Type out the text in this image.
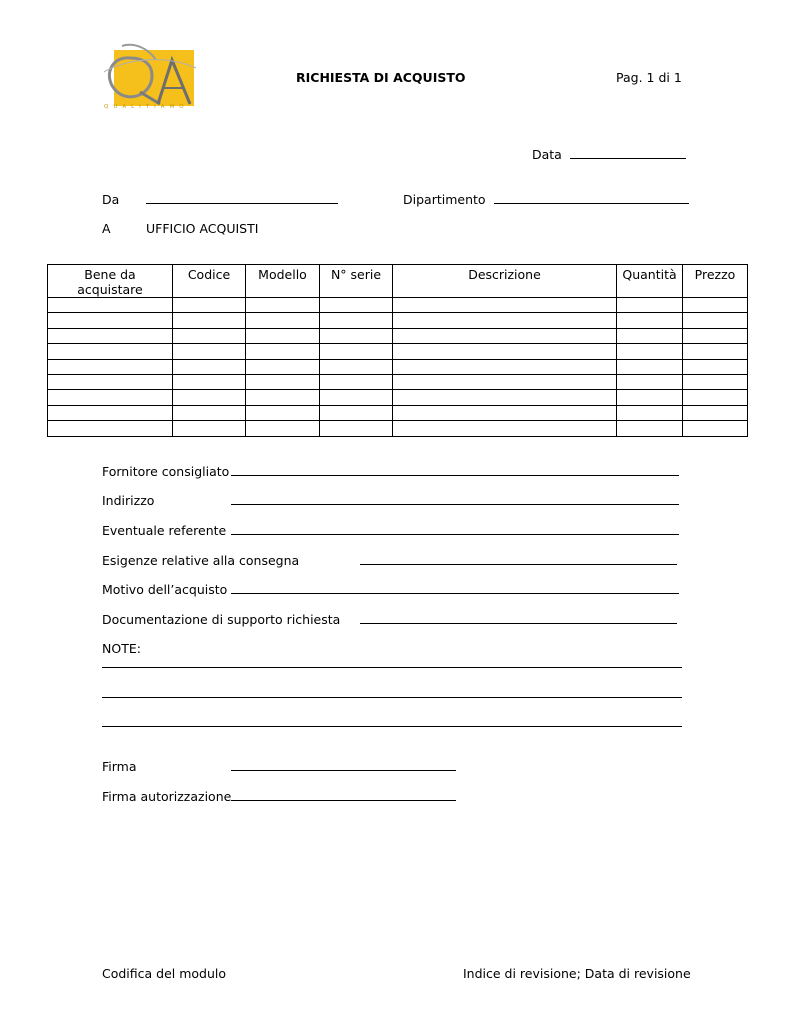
QUALITIAMO
RICHIESTA DI ACQUISTO	Pag. 1 di 1
Data
Da	Dipartimento
A	UFFICIO ACQUISTI
Bene da acquistare	Codice	Modello	N° serie	Descrizione	Quantità	Prezzo

Fornitore consigliato
Indirizzo
Eventuale referente
Esigenze relative alla consegna
Motivo dell’acquisto
Documentazione di supporto richiesta
NOTE:
Firma
Firma autorizzazione
Codifica del modulo	Indice di revisione; Data di revisione
